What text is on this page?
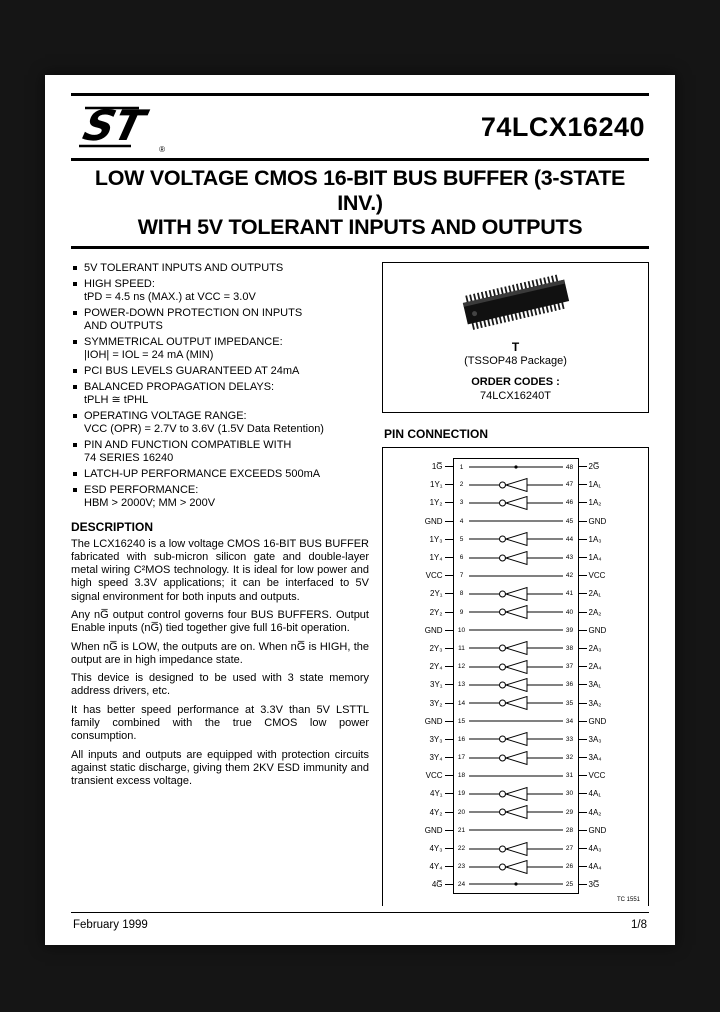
ST	®
74LCX16240
LOW VOLTAGE CMOS 16-BIT BUS BUFFER (3-STATE INV.)
WITH 5V TOLERANT INPUTS AND OUTPUTS
5V TOLERANT INPUTS AND OUTPUTS
HIGH SPEED:
tPD = 4.5 ns (MAX.) at VCC = 3.0V
POWER-DOWN PROTECTION ON INPUTS
AND OUTPUTS
SYMMETRICAL OUTPUT IMPEDANCE:
|IOH| = IOL = 24 mA (MIN)
PCI BUS LEVELS GUARANTEED AT 24mA
BALANCED PROPAGATION DELAYS:
tPLH ≅ tPHL
OPERATING VOLTAGE RANGE:
VCC (OPR) = 2.7V to 3.6V (1.5V Data Retention)
PIN AND FUNCTION COMPATIBLE WITH
74 SERIES 16240
LATCH-UP PERFORMANCE EXCEEDS 500mA
ESD PERFORMANCE:
HBM > 2000V; MM > 200V
DESCRIPTION

The LCX16240 is a low voltage CMOS 16-BIT BUS BUFFER fabricated with sub-micron silicon gate and double-layer metal wiring C²MOS technology. It is ideal for low power and high speed 3.3V applications; it can be interfaced to 5V signal environment for both inputs and outputs.

Any nG̅ output control governs four BUS BUFFERS. Output Enable inputs (nG̅) tied together give full 16-bit operation.

When nG̅ is LOW, the outputs are on. When nG̅ is HIGH, the output are in high impedance state.

This device is designed to be used with 3 state memory address drivers, etc.

It has better speed performance at 3.3V than 5V LSTTL family combined with the true CMOS low power consumption.

All inputs and outputs are equipped with protection circuits against static discharge, giving them 2KV ESD immunity and transient excess voltage.

T
(TSSOP48 Package)
ORDER CODES :
74LCX16240T
PIN CONNECTION
1G̅	1	48 2G̅
1Y₁	2	47 1A₁
1Y₂	3	46 1A₂
GND	4	45 GND
1Y₃	5	44 1A₃
1Y₄	6	43 1A₄
VCC	7	42 VCC
2Y₁	8	41 2A₁
2Y₂	9	40 2A₂
GND	10	39 GND
2Y₃	11	38 2A₃
2Y₄	12	37 2A₄
3Y₁	13	36 3A₁
3Y₂	14	35 3A₂
GND	15	34 GND
3Y₃	16	33 3A₃
3Y₄	17	32 3A₄
VCC	18	31 VCC
4Y₁	19	30 4A₁
4Y₂	20	29 4A₂
GND	21	28 GND
4Y₃	22	27 4A₃
4Y₄	23	26 4A₄
4G̅	24	25 3G̅
TC 1551
February 1999	1/8
